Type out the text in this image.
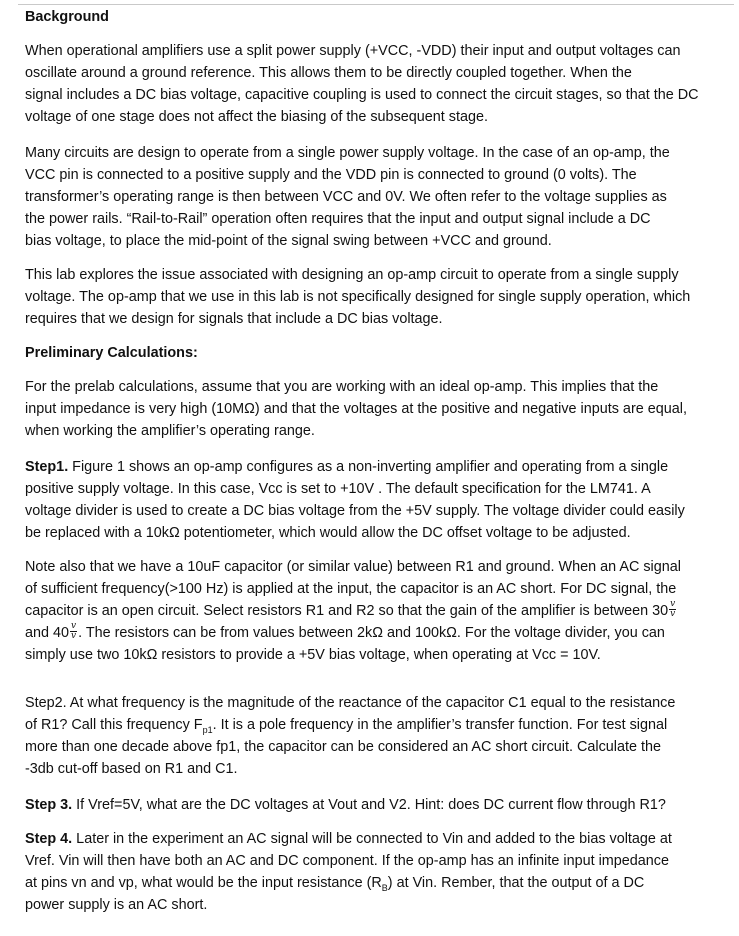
Background
When operational amplifiers use a split power supply (+VCC, -VDD) their input and output voltages can
oscillate around a ground reference. This allows them to be directly coupled together. When the
signal includes a DC bias voltage, capacitive coupling is used to connect the circuit stages, so that the DC
voltage of one stage does not affect the biasing of the subsequent stage.
Many circuits are design to operate from a single power supply voltage. In the case of an op-amp, the
VCC pin is connected to a positive supply and the VDD pin is connected to ground (0 volts). The
transformer’s operating range is then between VCC and 0V. We often refer to the voltage supplies as
the power rails. “Rail-to-Rail” operation often requires that the input and output signal include a DC
bias voltage, to place the mid-point of the signal swing between +VCC and ground.
This lab explores the issue associated with designing an op-amp circuit to operate from a single supply
voltage. The op-amp that we use in this lab is not specifically designed for single supply operation, which
requires that we design for signals that include a DC bias voltage.
Preliminary Calculations:
For the prelab calculations, assume that you are working with an ideal op-amp. This implies that the
input impedance is very high (10MΩ) and that the voltages at the positive and negative inputs are equal,
when working the amplifier’s operating range.
Step1. Figure 1 shows an op-amp configures as a non-inverting amplifier and operating from a single
positive supply voltage. In this case, Vcc is set to +10V . The default specification for the LM741. A
voltage divider is used to create a DC bias voltage from the +5V supply. The voltage divider could easily
be replaced with a 10kΩ potentiometer, which would allow the DC offset voltage to be adjusted.
Note also that we have a 10uF capacitor (or similar value) between R1 and ground. When an AC signal
of sufficient frequency(>100 Hz) is applied at the input, the capacitor is an AC short. For DC signal, the
capacitor is an open circuit. Select resistors R1 and R2 so that the gain of the amplifier is between $30 \frac{v}{v}$
and $40 \frac{v}{v}$ . The resistors can be from values between 2kΩ and 100kΩ. For the voltage divider, you can
simply use two 10kΩ resistors to provide a +5V bias voltage, when operating at Vcc = 10V.
Step2. At what frequency is the magnitude of the reactance of the capacitor C1 equal to the resistance
of R1? Call this frequency $F_{p1}$. It is a pole frequency in the amplifier’s transfer function. For test signal
more than one decade above fp1, the capacitor can be considered an AC short circuit. Calculate the
-3db cut-off based on R1 and C1.
Step 3. If Vref=5V, what are the DC voltages at Vout and V2. Hint: does DC current flow through R1?
Step 4. Later in the experiment an AC signal will be connected to Vin and added to the bias voltage at
Vref. Vin will then have both an AC and DC component. If the op-amp has an infinite input impedance
at pins vn and vp, what would be the input resistance $(R_B)$ at Vin. Rember, that the output of a DC
power supply is an AC short.
